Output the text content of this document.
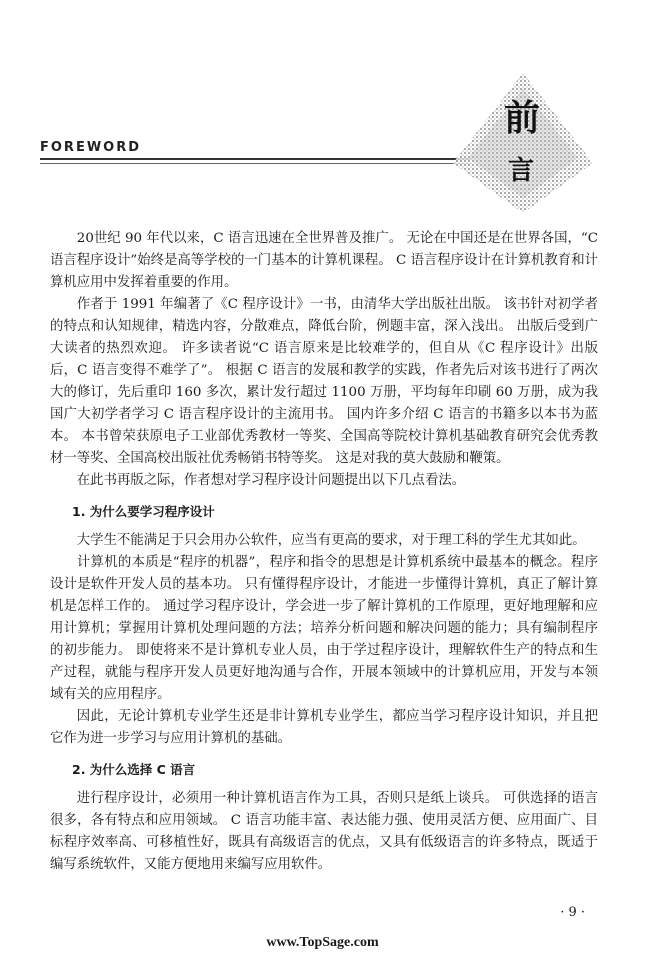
FOREWORD
前
言

20世纪 90 年代以来，C 语言迅速在全世界普及推广。 无论在中国还是在世界各国，“C 语言程序设计”始终是高等学校的一门基本的计算机课程。 C 语言程序设计在计算机教育和计算机应用中发挥着重要的作用。

作者于 1991 年编著了《C 程序设计》一书，由清华大学出版社出版。 该书针对初学者的特点和认知规律，精选内容，分散难点，降低台阶，例题丰富，深入浅出。 出版后受到广大读者的热烈欢迎。 许多读者说“C 语言原来是比较难学的，但自从《C 程序设计》出版后，C 语言变得不难学了”。 根据 C 语言的发展和教学的实践，作者先后对该书进行了两次大的修订，先后重印 160 多次，累计发行超过 1100 万册，平均每年印刷 60 万册，成为我国广大初学者学习 C 语言程序设计的主流用书。 国内许多介绍 C 语言的书籍多以本书为蓝本。 本书曾荣获原电子工业部优秀教材一等奖、全国高等院校计算机基础教育研究会优秀教材一等奖、全国高校出版社优秀畅销书特等奖。 这是对我的莫大鼓励和鞭策。

在此书再版之际，作者想对学习程序设计问题提出以下几点看法。

1. 为什么要学习程序设计

大学生不能满足于只会用办公软件，应当有更高的要求，对于理工科的学生尤其如此。

计算机的本质是“程序的机器”，程序和指令的思想是计算机系统中最基本的概念。程序设计是软件开发人员的基本功。 只有懂得程序设计，才能进一步懂得计算机，真正了解计算机是怎样工作的。 通过学习程序设计，学会进一步了解计算机的工作原理，更好地理解和应用计算机；掌握用计算机处理问题的方法；培养分析问题和解决问题的能力；具有编制程序的初步能力。 即使将来不是计算机专业人员，由于学过程序设计，理解软件生产的特点和生产过程，就能与程序开发人员更好地沟通与合作，开展本领域中的计算机应用，开发与本领域有关的应用程序。

因此，无论计算机专业学生还是非计算机专业学生，都应当学习程序设计知识，并且把它作为进一步学习与应用计算机的基础。

2. 为什么选择 C 语言

进行程序设计，必须用一种计算机语言作为工具，否则只是纸上谈兵。 可供选择的语言很多，各有特点和应用领域。 C 语言功能丰富、表达能力强、使用灵活方便、应用面广、目标程序效率高、可移植性好，既具有高级语言的优点，又具有低级语言的许多特点，既适于编写系统软件，又能方便地用来编写应用软件。

· 9 ·
www.TopSage.com
